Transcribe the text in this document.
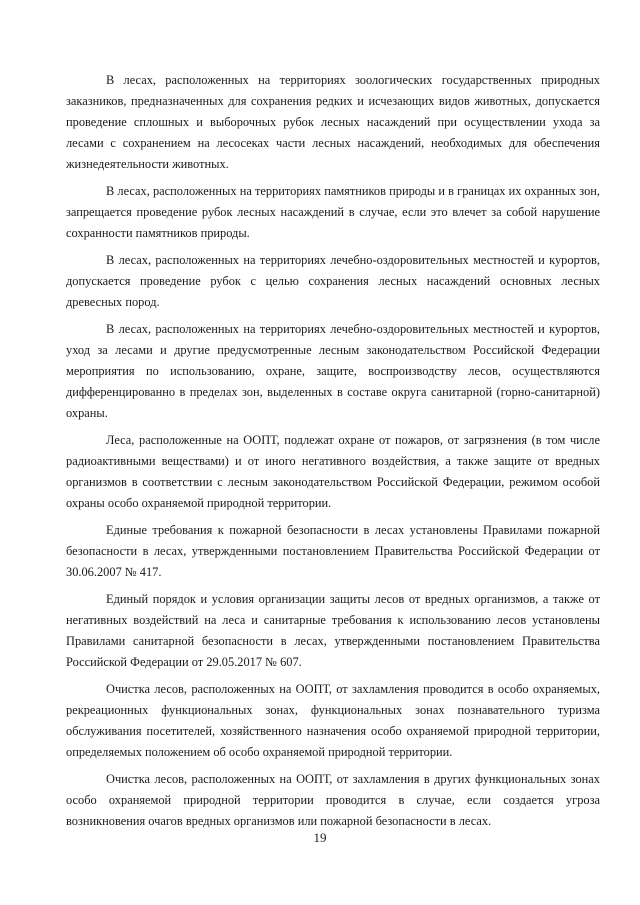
В лесах, расположенных на территориях зоологических государственных природных заказников, предназначенных для сохранения редких и исчезающих видов животных, допускается проведение сплошных и выборочных рубок лесных насаждений при осуществлении ухода за лесами с сохранением на лесосеках части лесных насаждений, необходимых для обеспечения жизнедеятельности животных.

В лесах, расположенных на территориях памятников природы и в границах их охранных зон, запрещается проведение рубок лесных насаждений в случае, если это влечет за собой нарушение сохранности памятников природы.

В лесах, расположенных на территориях лечебно-оздоровительных местностей и курортов, допускается проведение рубок с целью сохранения лесных насаждений основных лесных древесных пород.

В лесах, расположенных на территориях лечебно-оздоровительных местностей и курортов, уход за лесами и другие предусмотренные лесным законодательством Российской Федерации мероприятия по использованию, охране, защите, воспроизводству лесов, осуществляются дифференцированно в пределах зон, выделенных в составе округа санитарной (горно-санитарной) охраны.

Леса, расположенные на ООПТ, подлежат охране от пожаров, от загрязнения (в том числе радиоактивными веществами) и от иного негативного воздействия, а также защите от вредных организмов в соответствии с лесным законодательством Российской Федерации, режимом особой охраны особо охраняемой природной территории.

Единые требования к пожарной безопасности в лесах установлены Правилами пожарной безопасности в лесах, утвержденными постановлением Правительства Российской Федерации от 30.06.2007 № 417.

Единый порядок и условия организации защиты лесов от вредных организмов, а также от негативных воздействий на леса и санитарные требования к использованию лесов установлены Правилами санитарной безопасности в лесах, утвержденными постановлением Правительства Российской Федерации от 29.05.2017 № 607.

Очистка лесов, расположенных на ООПТ, от захламления проводится в особо охраняемых, рекреационных функциональных зонах, функциональных зонах познавательного туризма обслуживания посетителей, хозяйственного назначения особо охраняемой природной территории, определяемых положением об особо охраняемой природной территории.

Очистка лесов, расположенных на ООПТ, от захламления в других функциональных зонах особо охраняемой природной территории проводится в случае, если создается угроза возникновения очагов вредных организмов или пожарной безопасности в лесах.

19
